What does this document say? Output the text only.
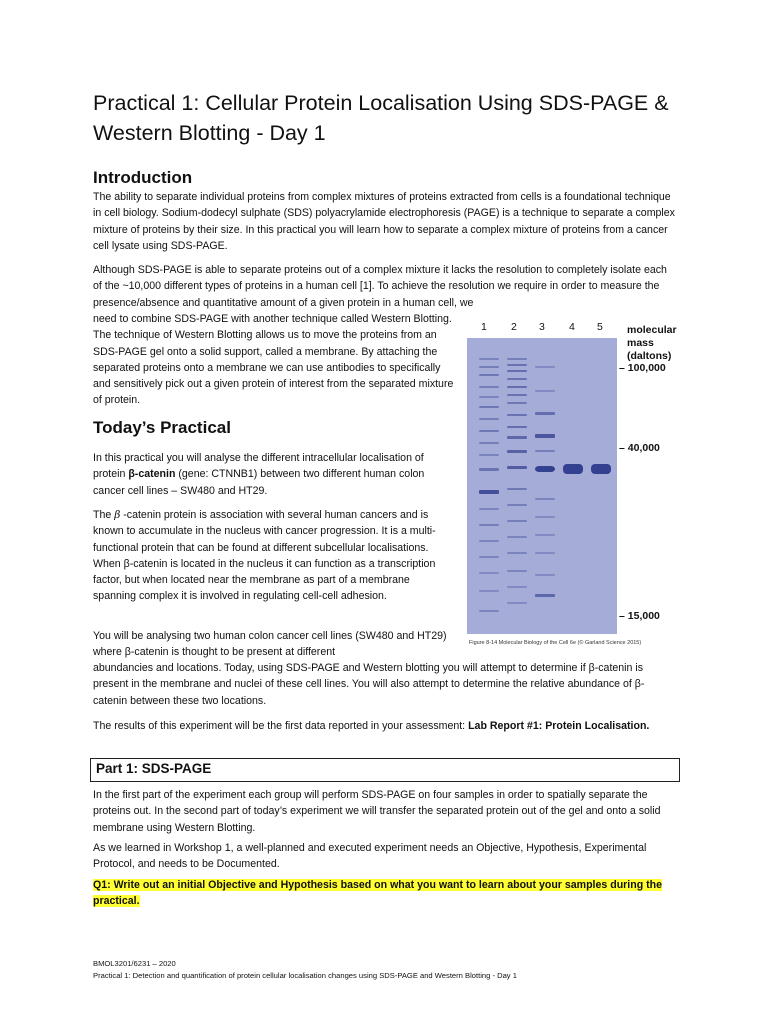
Practical 1: Cellular Protein Localisation Using SDS-PAGE & Western Blotting - Day 1
Introduction

The ability to separate individual proteins from complex mixtures of proteins extracted from cells is a foundational technique in cell biology. Sodium-dodecyl sulphate (SDS) polyacrylamide electrophoresis (PAGE) is a technique to separate a complex mixture of proteins by their size. In this practical you will learn how to separate a complex mixture of proteins from a cancer cell lysate using SDS-PAGE.

Although SDS-PAGE is able to separate proteins out of a complex mixture it lacks the resolution to completely isolate each of the ~10,000 different types of proteins in a human cell [1]. To achieve the resolution we require in order to measure the presence/absence and quantitative amount of a given protein in a human cell, we

need to combine SDS-PAGE with another technique called Western Blotting. The technique of Western Blotting allows us to move the proteins from an SDS-PAGE gel onto a solid support, called a membrane. By attaching the separated proteins onto a membrane we can use antibodies to specifically and sensitively pick out a given protein of interest from the separated mixture of protein.

Today’s Practical

In this practical you will analyse the different intracellular localisation of protein β-catenin (gene: CTNNB1) between two different human colon cancer cell lines – SW480 and HT29.

The β -catenin protein is association with several human cancers and is known to accumulate in the nucleus with cancer progression. It is a multi-functional protein that can be found at different subcellular localisations. When β-catenin is located in the nucleus it can function as a transcription factor, but when located near the membrane as part of a membrane spanning complex it is involved in regulating cell-cell adhesion.

You will be analysing two human colon cancer cell lines (SW480 and HT29) where β-catenin is thought to be present at different

abundancies and locations. Today, using SDS-PAGE and Western blotting you will attempt to determine if β-catenin is present in the membrane and nuclei of these cell lines. You will also attempt to determine the relative abundance of β-catenin between these two locations.

The results of this experiment will be the first data reported in your assessment: Lab Report #1: Protein Localisation.

Part 1: SDS-PAGE

In the first part of the experiment each group will perform SDS-PAGE on four samples in order to spatially separate the proteins out. In the second part of today’s experiment we will transfer the separated protein out of the gel and onto a solid membrane using Western Blotting.

As we learned in Workshop 1, a well-planned and executed experiment needs an Objective, Hypothesis, Experimental Protocol, and needs to be Documented.

Q1: Write out an initial Objective and Hypothesis based on what you want to learn about your samples during the practical.

1 2 3 4 5 molecular
mass
(daltons)
– 100,000
– 40,000
– 15,000
Figure 8-14 Molecular Biology of the Cell 6e (© Garland Science 2015)

BMOL3201/6231 – 2020

Practical 1: Detection and quantification of protein cellular localisation changes using SDS-PAGE and Western Blotting - Day 1
